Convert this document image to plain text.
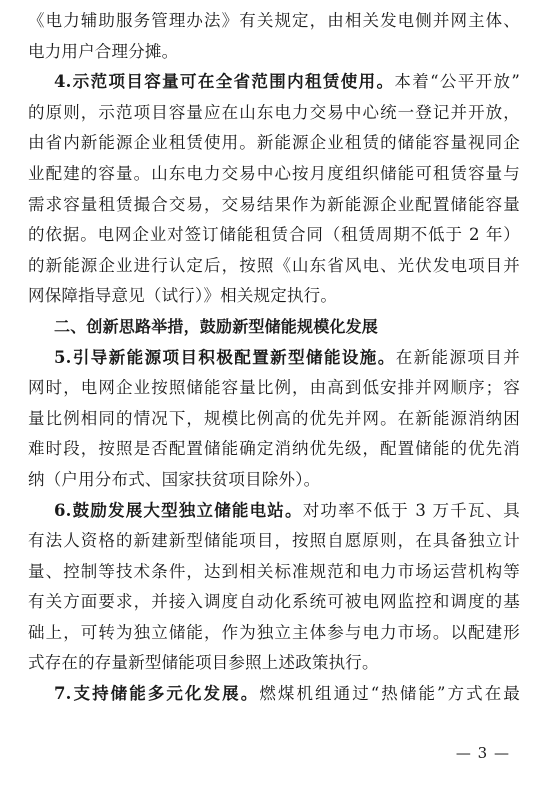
《电力辅助服务管理办法》有关规定，由相关发电侧并网主体、
电力用户合理分摊。
4.示范项目容量可在全省范围内租赁使用。本着“公平开放”
的原则，示范项目容量应在山东电力交易中心统一登记并开放，
由省内新能源企业租赁使用。新能源企业租赁的储能容量视同企
业配建的容量。山东电力交易中心按月度组织储能可租赁容量与
需求容量租赁撮合交易，交易结果作为新能源企业配置储能容量
的依据。电网企业对签订储能租赁合同（租赁周期不低于 2 年）
的新能源企业进行认定后，按照《山东省风电、光伏发电项目并
网保障指导意见（试行）》相关规定执行。
二、创新思路举措，鼓励新型储能规模化发展
5.引导新能源项目积极配置新型储能设施。在新能源项目并
网时，电网企业按照储能容量比例，由高到低安排并网顺序；容
量比例相同的情况下，规模比例高的优先并网。在新能源消纳困
难时段，按照是否配置储能确定消纳优先级，配置储能的优先消
纳（户用分布式、国家扶贫项目除外）。
6.鼓励发展大型独立储能电站。对功率不低于 3 万千瓦、具
有法人资格的新建新型储能项目，按照自愿原则，在具备独立计
量、控制等技术条件，达到相关标准规范和电力市场运营机构等
有关方面要求，并接入调度自动化系统可被电网监控和调度的基
础上，可转为独立储能，作为独立主体参与电力市场。以配建形
式存在的存量新型储能项目参照上述政策执行。
7.支持储能多元化发展。燃煤机组通过“热储能”方式在最
— 3 —
